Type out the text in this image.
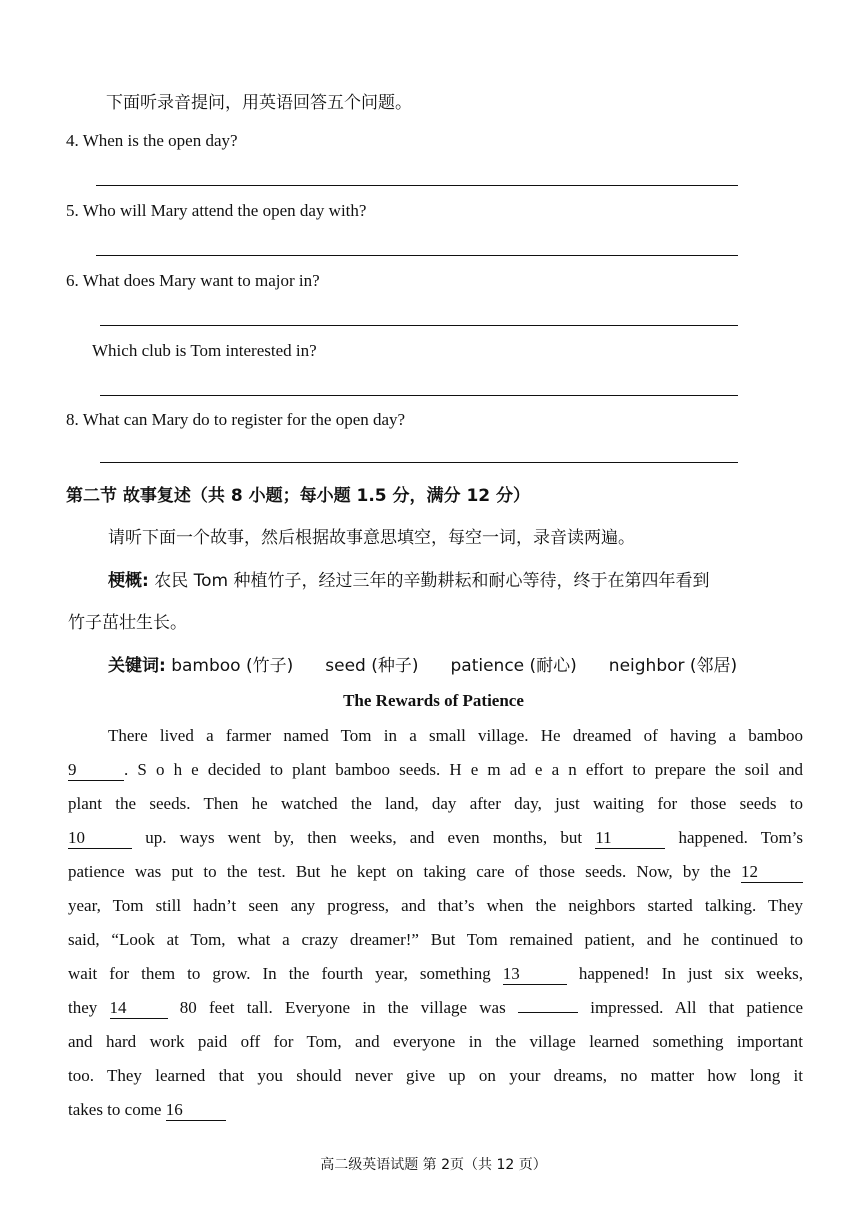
下面听录音提问，用英语回答五个问题。
4. When is the open day?
5. Who will Mary attend the open day with?
6. What does Mary want to major in?
Which club is Tom interested in?
8. What can Mary do to register for the open day?
第二节 故事复述（共 8 小题；每小题 1.5 分，满分 12 分）
请听下面一个故事，然后根据故事意思填空，每空一词，录音读两遍。
梗概: 农民 Tom 种植竹子，经过三年的辛勤耕耘和耐心等待，终于在第四年看到
竹子茁壮生长。
关键词: bamboo (竹子) seed (种子) patience (耐心) neighbor (邻居)
The Rewards of Patience
There lived a farmer named Tom in a small village. He dreamed of having a bamboo
9	. S o h e decided to plant bamboo seeds. H e m ad e a n effort to prepare the soil and
plant the seeds. Then he watched the land, day after day, just waiting for those seeds to
10	up. ways went by, then weeks, and even months, but 11	happened. Tom’s
patience was put to the test. But he kept on taking care of those seeds. Now, by the 12
year, Tom still hadn’t seen any progress, and that’s when the neighbors started talking. They
said, “Look at Tom, what a crazy dreamer!” But Tom remained patient, and he continued to
wait for them to grow. In the fourth year, something 13	happened! In just six weeks,
they 14	80 feet tall. Everyone in the village was	impressed. All that patience
and hard work paid off for Tom, and everyone in the village learned something important
too. They learned that you should never give up on your dreams, no matter how long it
takes to come 16
高二级英语试题 第 2页（共 12 页）
